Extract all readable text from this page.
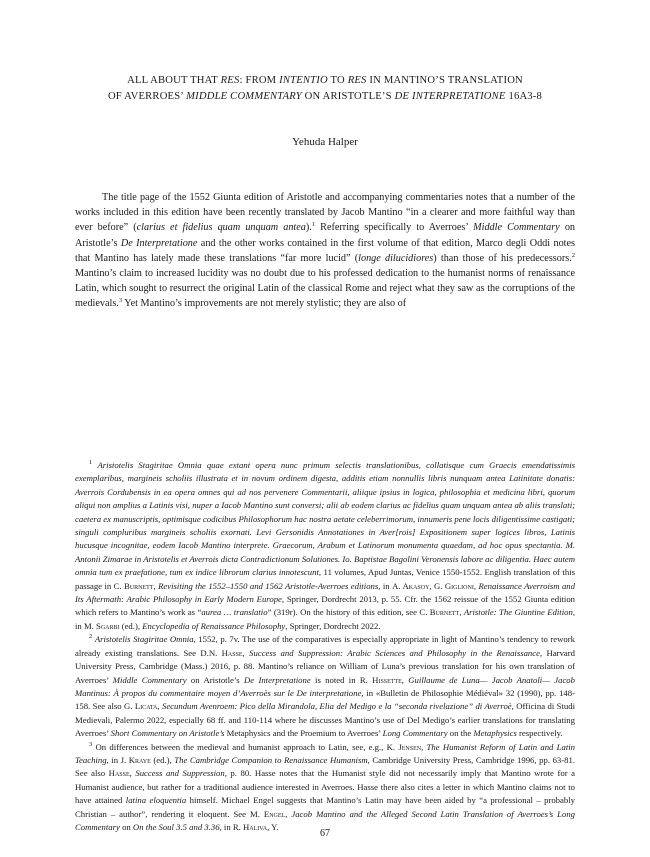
ALL ABOUT THAT RES: FROM INTENTIO TO RES IN MANTINO’S TRANSLATION
OF AVERROES’ MIDDLE COMMENTARY ON ARISTOTLE’S DE INTERPRETATIONE 16A3-8
Yehuda Halper

The title page of the 1552 Giunta edition of Aristotle and accompanying commentaries notes that a number of the works included in this edition have been recently translated by Jacob Mantino “in a clearer and more faithful way than ever before” (clarius et fidelius quam unquam antea).$^1$ Referring specifically to Averroes’ Middle Commentary on Aristotle’s De Interpretatione and the other works contained in the first volume of that edition, Marco degli Oddi notes that Mantino has lately made these translations “far more lucid” (longe dilucidiores) than those of his predecessors.$^2$ Mantino’s claim to increased lucidity was no doubt due to his professed dedication to the humanist norms of renaissance Latin, which sought to resurrect the original Latin of the classical Rome and reject what they saw as the corruptions of the medievals.$^3$ Yet Mantino’s improvements are not merely stylistic; they are also of

$^1$ Aristotelis Stagiritae Omnia quae extant opera nunc primum selectis translationibus, collatisque cum Graecis emendatissimis exemplaribus, margineis scholiis illustrata et in novum ordinem digesta, additis etiam nonnullis libris nunquam antea Latinitate donatis: Averrois Cordubensis in ea opera omnes qui ad nos pervenere Commentarii, aliique ipsius in logica, philosophia et medicina libri, quorum aliqui non amplius a Latinis visi, nuper a Iacob Mantino sunt conversi; alii ab eodem clarius ac fidelius quam unquam antea ab aliis translati; caetera ex manuscriptis, optimisque codicibus Philosophorum hac nostra aetate celeberrimorum, innumeris pene locis diligentissime castigati; singuli compluribus margineis scholiis exornati. Levi Gersonidis Annotationes in Aver[rois] Expositionem super logices libros, Latinis hucusque incognitae, eodem Iacob Mantino interprete. Graecorum, Arabum et Latinorum monumenta quaedam, ad hoc opus spectantia. M. Antonii Zimarae in Aristotelis et Averrois dicta Contradictionum Solutiones. Io. Baptistae Bagolini Veronensis labore ac diligentia. Haec autem omnia tum ex praefatione, tum ex indice librorum clarius innotescunt, 11 volumes, Apud Juntas, Venice 1550-1552. English translation of this passage in C. Burnett, Revisiting the 1552–1550 and 1562 Aristotle-Averroes editions, in A. Akasoy, G. Giglioni, Renaissance Averroism and Its Aftermath: Arabic Philosophy in Early Modern Europe, Springer, Dordrecht 2013, p. 55. Cfr. the 1562 reissue of the 1552 Giunta edition which refers to Mantino’s work as “aurea … translatio” (319r). On the history of this edition, see C. Burnett, Aristotle: The Giuntine Edition, in M. Sgarbi (ed.), Encyclopedia of Renaissance Philosophy, Springer, Dordrecht 2022.

$^2$ Aristotelis Stagiritae Omnia, 1552, p. 7v. The use of the comparatives is especially appropriate in light of Mantino’s tendency to rework already existing translations. See D.N. Hasse, Success and Suppression: Arabic Sciences and Philosophy in the Renaissance, Harvard University Press, Cambridge (Mass.) 2016, p. 88. Mantino’s reliance on William of Luna’s previous translation for his own translation of Averroes’ Middle Commentary on Aristotle’s De Interpretatione is noted in R. Hissette, Guillaume de Luna— Jacob Anatoli— Jacob Mantinus: À propos du commentaire moyen d’Averroès sur le De interpretatione, in «Bulletin de Philosophie Médiéval» 32 (1990), pp. 148-158. See also G. Licata, Secundum Avenroem: Pico della Mirandola, Elia del Medigo e la “seconda rivelazione” di Averroè, Officina di Studi Medievali, Palermo 2022, especially 68 ff. and 110-114 where he discusses Mantino’s use of Del Medigo’s earlier translations for translating Averroes’ Short Commentary on Aristotle’s Metaphysics and the Proemium to Averroes’ Long Commentary on the Metaphysics respectively.

$^3$ On differences between the medieval and humanist approach to Latin, see, e.g., K. Jensen, The Humanist Reform of Latin and Latin Teaching, in J. Kraye (ed.), The Cambridge Companion to Renaissance Humanism, Cambridge University Press, Cambridge 1996, pp. 63-81. See also Hasse, Success and Suppression, p. 80. Hasse notes that the Humanist style did not necessarily imply that Mantino wrote for a Humanist audience, but rather for a traditional audience interested in Averroes. Hasse there also cites a letter in which Mantino claims not to have attained latina eloquentia himself. Michael Engel suggests that Mantino’s Latin may have been aided by “a professional – probably Christian – author”, rendering it eloquent. See M. Engel, Jacob Mantino and the Alleged Second Latin Translation of Averroes’s Long Commentary on On the Soul 3.5 and 3.36, in R. Haliva, Y.

67
